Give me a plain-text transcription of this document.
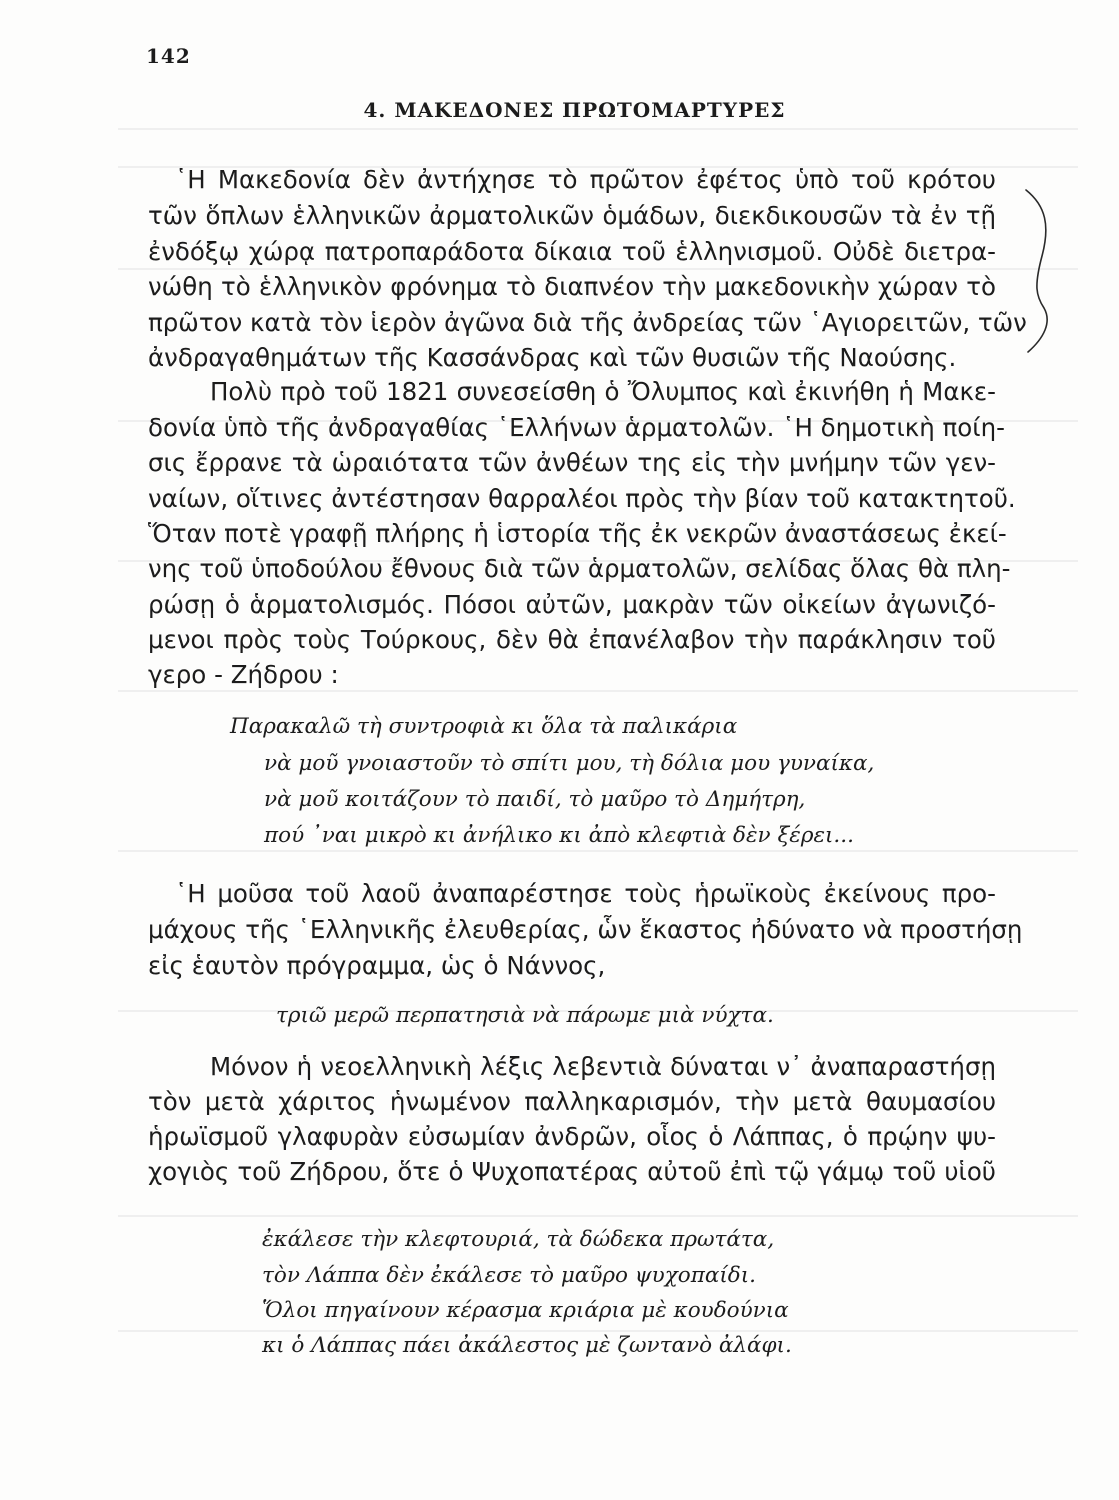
142
4. ΜΑΚΕΔΟΝΕΣ ΠΡΩΤΟΜΑΡΤΥΡΕΣ
῾Η Μακεδονία δὲν ἀντήχησε τὸ πρῶτον ἐφέτος ὑπὸ τοῦ κρότου
τῶν ὅπλων ἑλληνικῶν ἀρματολικῶν ὁμάδων, διεκδικουσῶν τὰ ἐν τῇ
ἐνδόξῳ χώρᾳ πατροπαράδοτα δίκαια τοῦ ἑλληνισμοῦ. Οὐδὲ διετρα-
νώθη τὸ ἑλληνικὸν φρόνημα τὸ διαπνέον τὴν μακεδονικὴν χώραν τὸ
πρῶτον κατὰ τὸν ἱερὸν ἀγῶνα διὰ τῆς ἀνδρείας τῶν ῾Αγιορειτῶν, τῶν
ἀνδραγαθημάτων τῆς Κασσάνδρας καὶ τῶν θυσιῶν τῆς Ναούσης.
Πολὺ πρὸ τοῦ 1821 συνεσείσθη ὁ Ὄλυμπος καὶ ἐκινήθη ἡ Μακε-
δονία ὑπὸ τῆς ἀνδραγαθίας ῾Ελλήνων ἁρματολῶν. ῾Η δημοτικὴ ποίη-
σις ἔρρανε τὰ ὡραιότατα τῶν ἀνθέων της εἰς τὴν μνήμην τῶν γεν-
ναίων, οἵτινες ἀντέστησαν θαρραλέοι πρὸς τὴν βίαν τοῦ κατακτητοῦ.
Ὅταν ποτὲ γραφῇ πλήρης ἡ ἱστορία τῆς ἐκ νεκρῶν ἀναστάσεως ἐκεί-
νης τοῦ ὑποδούλου ἔθνους διὰ τῶν ἁρματολῶν, σελίδας ὅλας θὰ πλη-
ρώσῃ ὁ ἁρματολισμός. Πόσοι αὐτῶν, μακρὰν τῶν οἰκείων ἀγωνιζό-
μενοι πρὸς τοὺς Τούρκους, δὲν θὰ ἐπανέλαβον τὴν παράκλησιν τοῦ
γερο - Ζήδρου :
Παρακαλῶ τὴ συντροφιὰ κι ὅλα τὰ παλικάρια
νὰ μοῦ γνοιαστοῦν τὸ σπίτι μου, τὴ δόλια μου γυναίκα,
νὰ μοῦ κοιτάζουν τὸ παιδί, τὸ μαῦρο τὸ Δημήτρη,
πού ᾿ναι μικρὸ κι ἀνήλικο κι ἀπὸ κλεφτιὰ δὲν ξέρει...
῾Η μοῦσα τοῦ λαοῦ ἀναπαρέστησε τοὺς ἡρωϊκοὺς ἐκείνους προ-
μάχους τῆς ῾Ελληνικῆς ἐλευθερίας, ὧν ἕκαστος ἠδύνατο νὰ προστήσῃ
εἰς ἑαυτὸν πρόγραμμα, ὡς ὁ Νάννος,
τριῶ μερῶ περπατησιὰ νὰ πάρωμε μιὰ νύχτα.
Μόνον ἡ νεοελληνικὴ λέξις λεβεντιὰ δύναται ν᾿ ἀναπαραστήσῃ
τὸν μετὰ χάριτος ἡνωμένον παλληκαρισμόν, τὴν μετὰ θαυμασίου
ἡρωϊσμοῦ γλαφυρὰν εὐσωμίαν ἀνδρῶν, οἷος ὁ Λάππας, ὁ πρῴην ψυ-
χογιὸς τοῦ Ζήδρου, ὅτε ὁ Ψυχοπατέρας αὐτοῦ ἐπὶ τῷ γάμῳ τοῦ υἱοῦ
ἐκάλεσε τὴν κλεφτουριά, τὰ δώδεκα πρωτάτα,
τὸν Λάππα δὲν ἐκάλεσε τὸ μαῦρο ψυχοπαίδι.
Ὅλοι πηγαίνουν κέρασμα κριάρια μὲ κουδούνια
κι ὁ Λάππας πάει ἀκάλεστος μὲ ζωντανὸ ἀλάφι.
